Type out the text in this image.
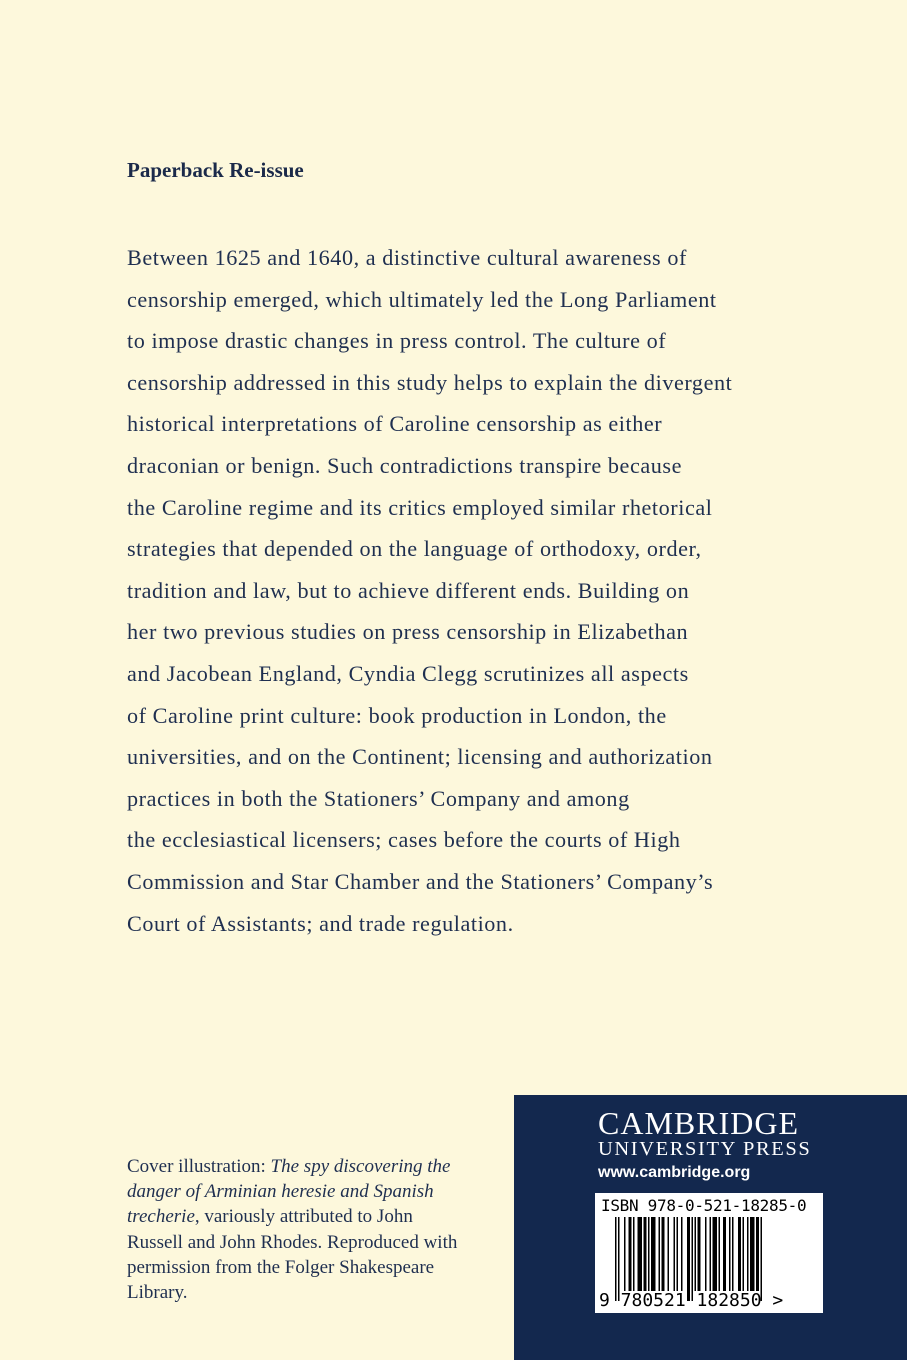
Paperback Re-issue
Between 1625 and 1640, a distinctive cultural awareness of
censorship emerged, which ultimately led the Long Parliament
to impose drastic changes in press control. The culture of
censorship addressed in this study helps to explain the divergent
historical interpretations of Caroline censorship as either
draconian or benign. Such contradictions transpire because
the Caroline regime and its critics employed similar rhetorical
strategies that depended on the language of orthodoxy, order,
tradition and law, but to achieve different ends. Building on
her two previous studies on press censorship in Elizabethan
and Jacobean England, Cyndia Clegg scrutinizes all aspects
of Caroline print culture: book production in London, the
universities, and on the Continent; licensing and authorization
practices in both the Stationers’ Company and among
the ecclesiastical licensers; cases before the courts of High
Commission and Star Chamber and the Stationers’ Company’s
Court of Assistants; and trade regulation.
Cover illustration: The spy discovering the
danger of Arminian heresie and Spanish
trecherie, variously attributed to John
Russell and John Rhodes. Reproduced with
permission from the Folger Shakespeare
Library.
CAMBRIDGE
UNIVERSITY PRESS
www.cambridge.org
ISBN 978-0-521-18285-0
9 780521 182850 >
